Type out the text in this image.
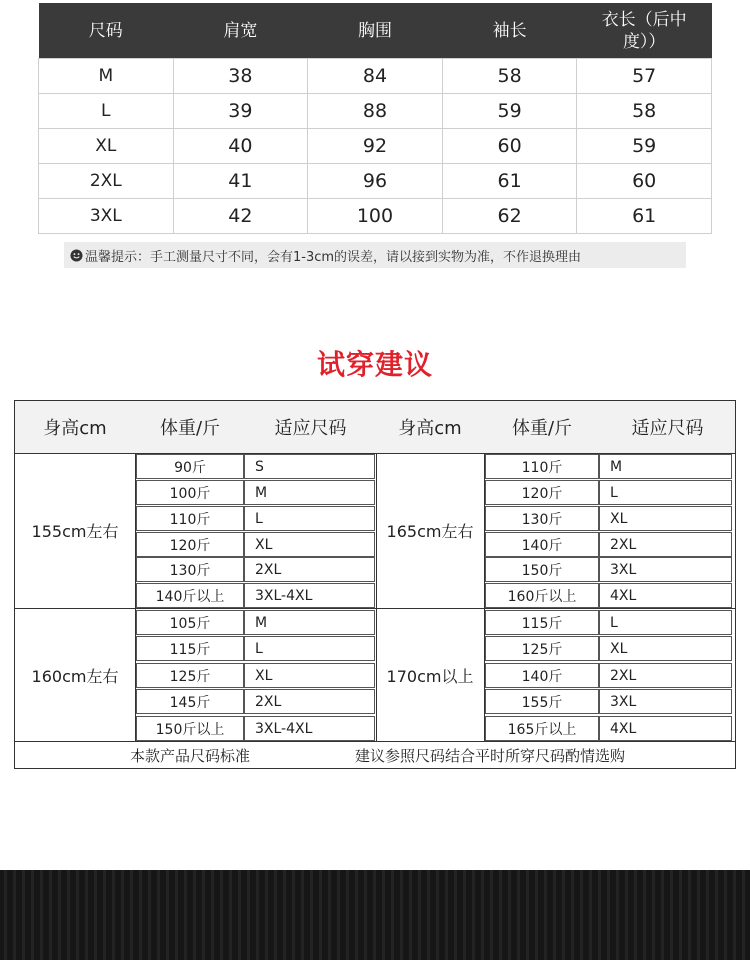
尺码	肩宽	胸围	袖长	衣长（后中
度））
M	38	84	58	57
L	39	88	59	58
XL	40	92	60	59
2XL	41	96	61	60
3XL	42	100	62	61
温馨提示：手工测量尺寸不同，会有1-3cm的误差，请以接到实物为准，不作退换理由
试穿建议
身高cm	体重/斤	适应尺码	身高cm	体重/斤	适应尺码
本款产品尺码标准	建议参照尺码结合平时所穿尺码酌情选购
155cm左右	165cm左右
90斤	S	110斤	M
100斤	M	120斤	L
110斤	L	130斤	XL
120斤	XL	140斤	2XL
130斤	2XL	150斤	3XL
140斤以上	3XL-4XL	160斤以上	4XL
160cm左右	170cm以上
105斤	M	115斤	L
115斤	L	125斤	XL
125斤	XL	140斤	2XL
145斤	2XL	155斤	3XL
150斤以上	3XL-4XL	165斤以上	4XL
